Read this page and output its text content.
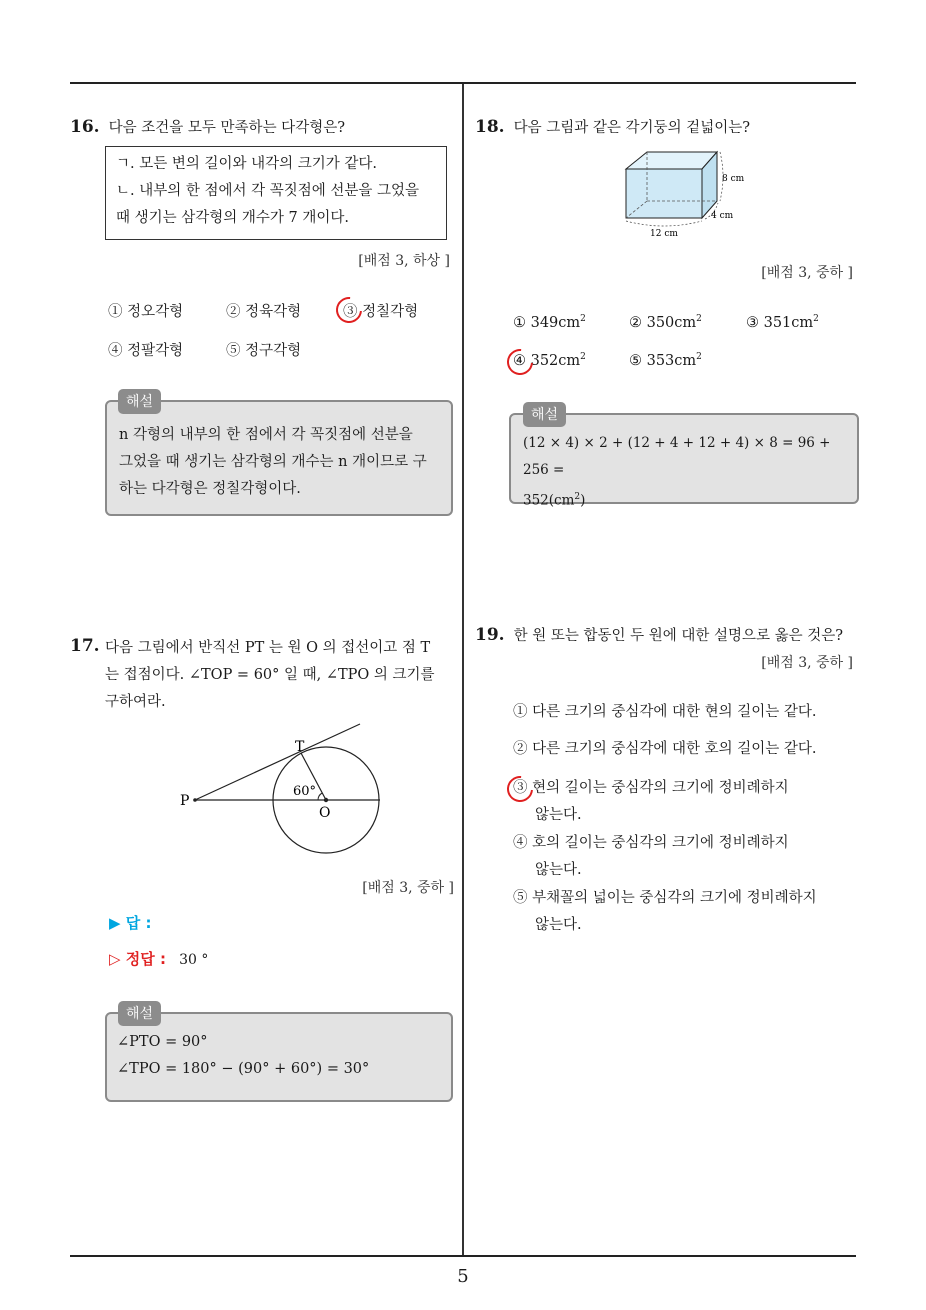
5
16. 다음 조건을 모두 만족하는 다각형은?
ㄱ. 모든 변의 길이와 내각의 크기가 같다.
ㄴ. 내부의 한 점에서 각 꼭짓점에 선분을 그었을
때 생기는 삼각형의 개수가 7 개이다.
[배점 3, 하상 ]
① 정오각형	② 정육각형	③ 정칠각형
④ 정팔각형	⑤ 정구각형
n 각형의 내부의 한 점에서 각 꼭짓점에 선분을
그었을 때 생기는 삼각형의 개수는 n 개이므로 구
하는 다각형은 정칠각형이다.
해설
17. 다음 그림에서 반직선 PT 는 원 O 의 접선이고 점 T
는 접점이다. ∠TOP = 60° 일 때, ∠TPO 의 크기를
구하여라.
T
P
O
60°
[배점 3, 중하 ]
▶ 답 :
▷ 정답 : 30 °
∠PTO = 90°
∠TPO = 180° − (90° + 60°) = 30°
해설
18. 다음 그림과 같은 각기둥의 겉넓이는?
8 cm
4 cm
12 cm
[배점 3, 중하 ]
① $349cm^2$	② $350cm^2$	③ $351cm^2$
④ $352cm^2$	⑤ $353cm^2$
(12 × 4) × 2 + (12 + 4 + 12 + 4) × 8 = 96 + 256 =
$352(cm^2)$
해설
19. 한 원 또는 합동인 두 원에 대한 설명으로 옳은 것은?
[배점 3, 중하 ]
① 다른 크기의 중심각에 대한 현의 길이는 같다.
② 다른 크기의 중심각에 대한 호의 길이는 같다.
③ 현의 길이는 중심각의 크기에 정비례하지
않는다.
④ 호의 길이는 중심각의 크기에 정비례하지
않는다.
⑤ 부채꼴의 넓이는 중심각의 크기에 정비례하지
않는다.
